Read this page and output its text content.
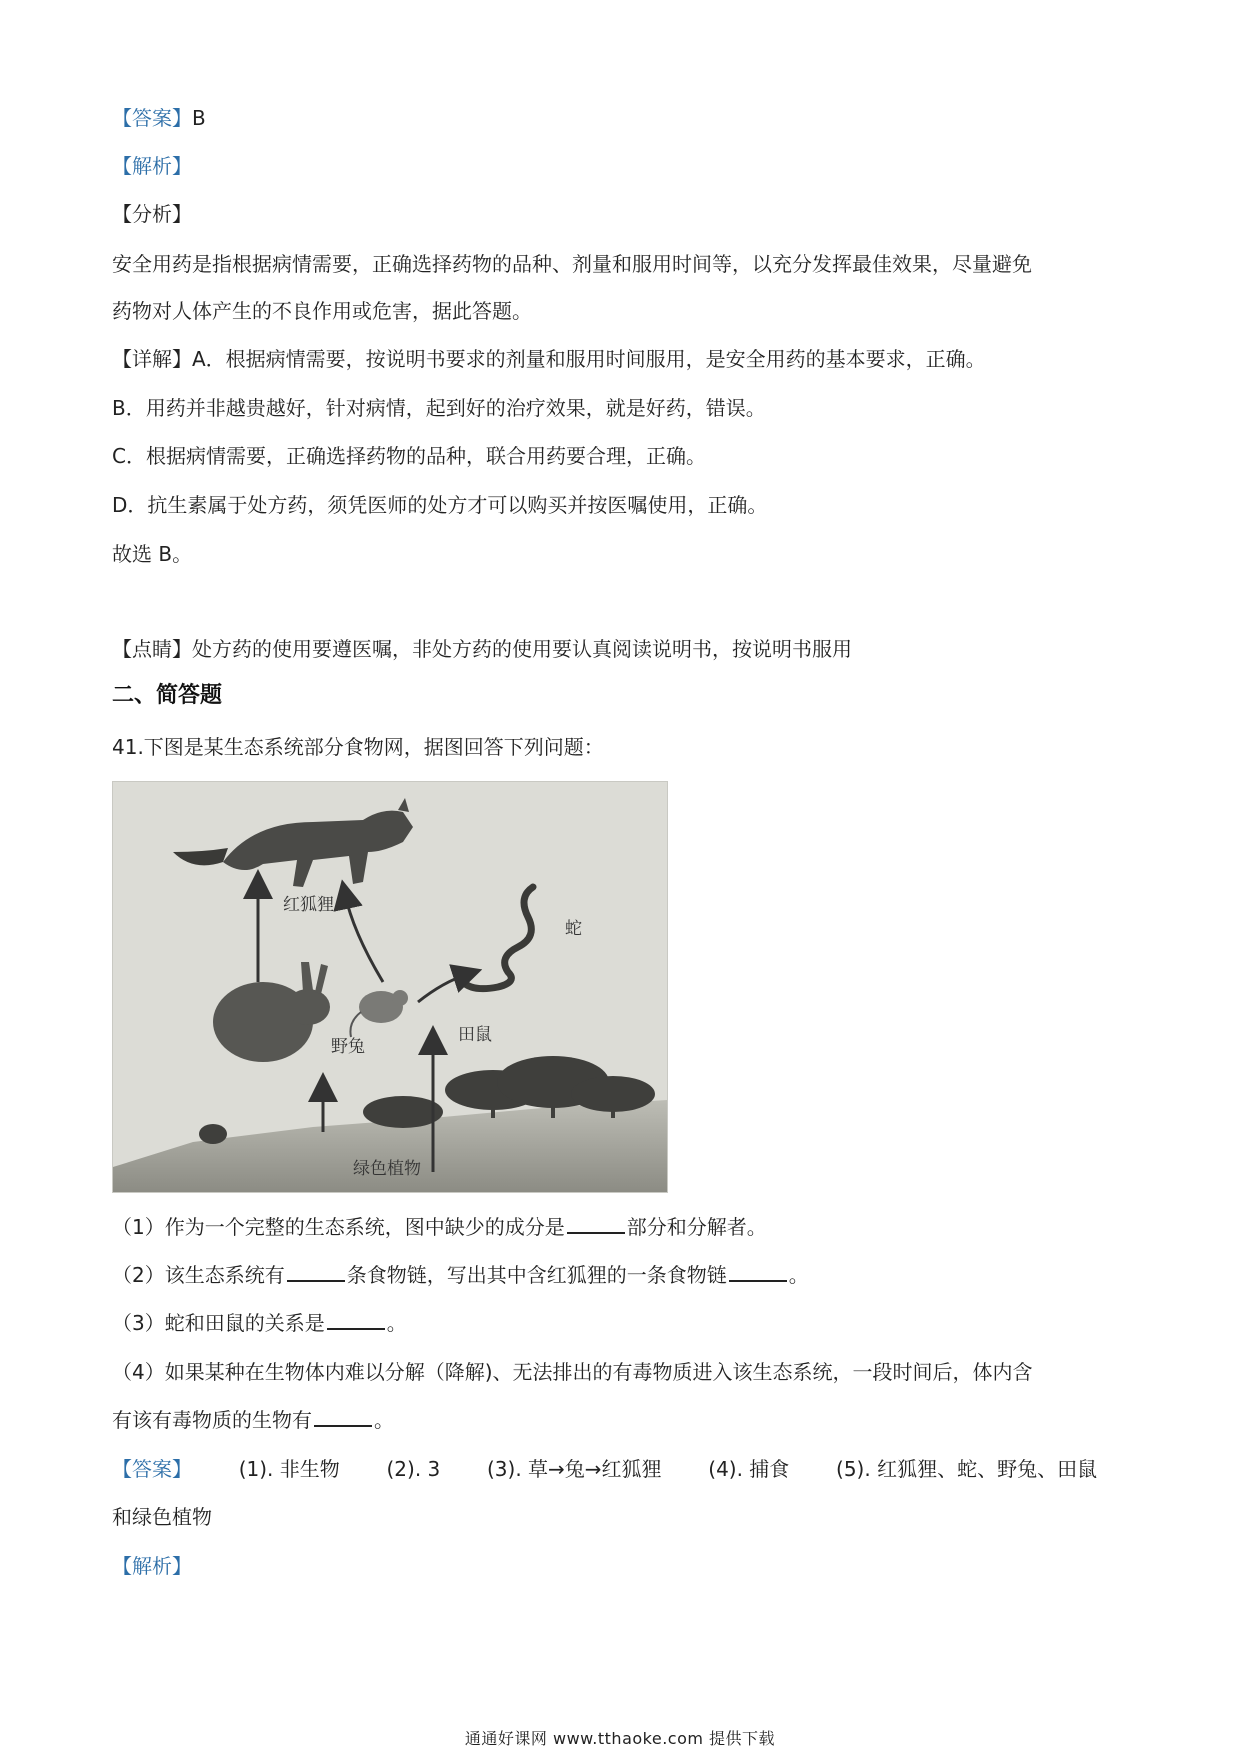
【答案】B
【解析】
【分析】
安全用药是指根据病情需要，正确选择药物的品种、剂量和服用时间等，以充分发挥最佳效果，尽量避免
药物对人体产生的不良作用或危害，据此答题。
【详解】A．根据病情需要，按说明书要求的剂量和服用时间服用，是安全用药的基本要求，正确。
B．用药并非越贵越好，针对病情，起到好的治疗效果，就是好药，错误。
C．根据病情需要，正确选择药物的品种，联合用药要合理，正确。
D．抗生素属于处方药，须凭医师的处方才可以购买并按医嘱使用，正确。
故选 B。
【点睛】处方药的使用要遵医嘱，非处方药的使用要认真阅读说明书，按说明书服用
二、简答题
41.下图是某生态系统部分食物网，据图回答下列问题：
红狐狸
蛇
野兔
田鼠
绿色植物
（1）作为一个完整的生态系统，图中缺少的成分是	部分和分解者。
（2）该生态系统有	条食物链，写出其中含红狐狸的一条食物链	。
（3）蛇和田鼠的关系是	。
（4）如果某种在生物体内难以分解（降解)、无法排出的有毒物质进入该生态系统，一段时间后，体内含
有该有毒物质的生物有	。
【答案】 (1). 非生物 (2). 3 (3). 草→兔→红狐狸 (4). 捕食 (5). 红狐狸、蛇、野兔、田鼠
和绿色植物
【解析】
通通好课网 www.tthaoke.com 提供下载
